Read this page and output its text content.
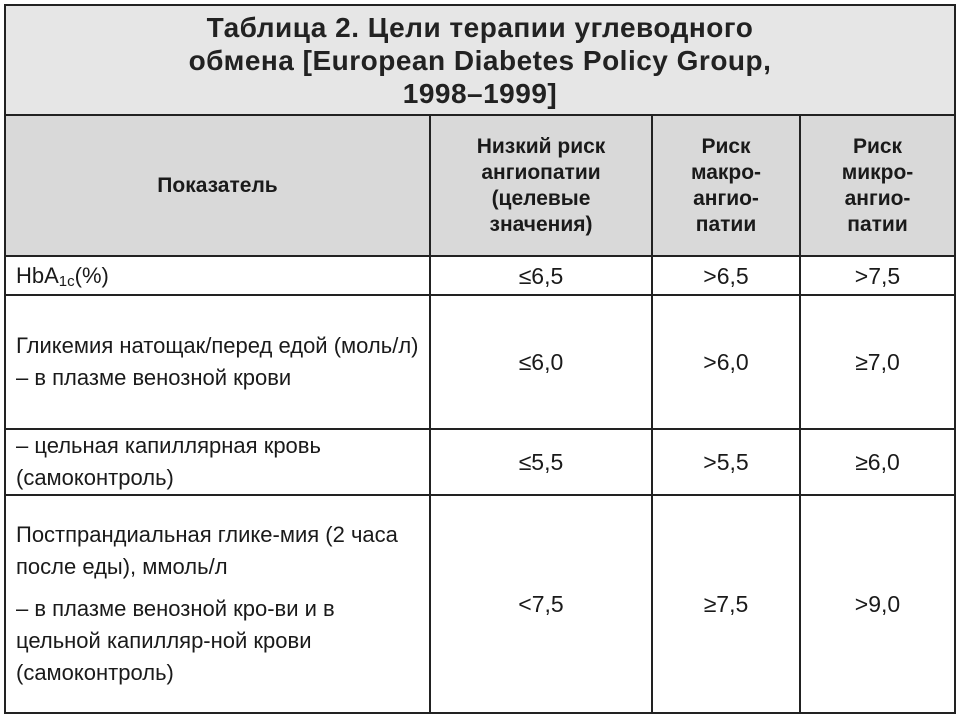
Таблица 2. Цели терапии углеводного
обмена [European Diabetes Policy Group,
1998–1999]
Показатель	Низкий риск
ангиопатии
(целевые
значения)	Риск
макро-
ангио-
патии	Риск
микро-
ангио-
патии
HbA$_{1c}$(%)	≤6,5	>6,5	>7,5

Гликемия натощак/перед едой (моль/л)
– в плазме венозной крови	≤6,0	>6,0	≥7,0
– цельная капиллярная кровь (самоконтроль)	≤5,5	>5,5	≥6,0

Постпрандиальная глике-мия (2 часа после еды), ммоль/л
– в плазме венозной кро-ви и в цельной капилляр-ной крови (самоконтроль)	<7,5	≥7,5	>9,0
